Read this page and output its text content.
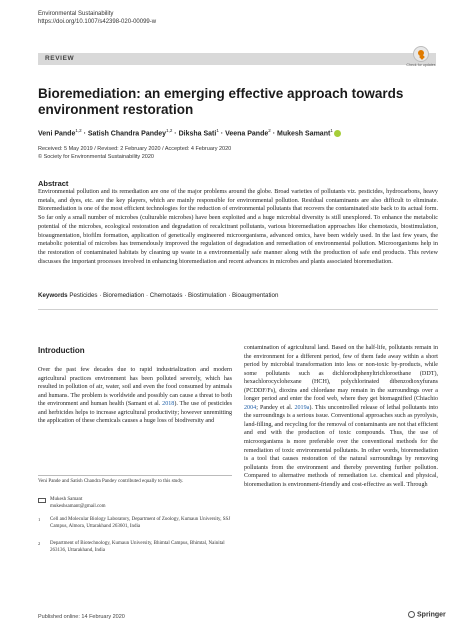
Environmental Sustainability
https://doi.org/10.1007/s42398-020-00099-w
REVIEW
Check for updates
Bioremediation: an emerging effective approach towards environment restoration
Veni Pande$^{1,2}$ · Satish Chandra Pandey$^{1,2}$ · Diksha Sati$^1$ · Veena Pande$^2$ · Mukesh Samant$^1$
Received: 5 May 2019 / Revised: 2 February 2020 / Accepted: 4 February 2020
© Society for Environmental Sustainability 2020
Abstract
Environmental pollution and its remediation are one of the major problems around the globe. Broad varieties of pollutants viz. pesticides, hydrocarbons, heavy metals, and dyes, etc. are the key players, which are mainly responsible for environmental pollution. Residual contaminants are also difficult to eliminate. Bioremediation is one of the most efficient technologies for the reduction of environmental pollutants that recovers the contaminated site back to its actual form. So far only a small number of microbes (culturable microbes) have been exploited and a huge microbial diversity is still unexplored. To enhance the metabolic potential of the microbes, ecological restoration and degradation of recalcitrant pollutants, various bioremediation approaches like chemotaxis, biostimulation, bioaugmentation, biofilm formation, application of genetically engineered microorganisms, advanced omics, have been widely used. In the last few years, the metabolic potential of microbes has tremendously improved the regulation of degradation and remediation of environmental pollution. Microorganisms help in the restoration of contaminated habitats by cleaning up waste in a environmentally safe manner along with the production of safe end products. This review discusses the important processes involved in enhancing bioremediation and recent advances in microbes and plants associated bioremediation.
Keywords Pesticides · Bioremediation · Chemotaxis · Biostimulation · Bioaugmentation
Introduction
Over the past few decades due to rapid industrialization and modern agricultural practices environment has been polluted severely, which has resulted in pollution of air, water, soil and even the food consumed by animals and humans. The problem is worldwide and possibly can cause a threat to both the environment and human health (Samant et al. 2018). The use of pesticides and herbicides helps to increase agricultural productivity; however unremitting the application of these chemicals causes a huge loss of biodiversity and
contamination of agricultural land. Based on the half-life, pollutants remain in the environment for a different period, few of them fade away within a short period by microbial transformation into less or non-toxic by-products, while some pollutants such as dichlorodiphenyltrichloroethane (DDT), hexachlorocyclohexane (HCH), polychlorinated dibenzodioxyfurans (PCDDF/Fs), dioxins and chlordane may remain in the surroundings over a longer period and enter the food web, where they get biomagnified (Chiachio 2004; Pandey et al. 2019a). This uncontrolled release of lethal pollutants into the surroundings is a serious issue. Conventional approaches such as pyrolysis, land-filling, and recycling for the removal of contaminants are not that efficient and end with the production of toxic compounds. Thus, the use of microorganisms is more preferable over the conventional methods for the remediation of toxic environmental pollutants. In other words, bioremediation is a tool that causes restoration of the natural surroundings by removing pollutants from the environment and thereby preventing further pollution. Compared to alternative methods of remediation i.e. chemical and physical, bioremediation is environment-friendly and cost-effective as well. Through
Veni Pande and Satish Chandra Pandey contributed equally to this study.
Mukesh Samant
mukeshsamant@gmail.com
1	Cell and Molecular Biology Laboratory, Department of Zoology, Kumaun University, SSJ Campus, Almora, Uttarakhand 263601, India
2	Department of Biotechnology, Kumaun University, Bhimtal Campus, Bhimtal, Nainital 263136, Uttarakhand, India
Published online: 14 February 2020	Springer
